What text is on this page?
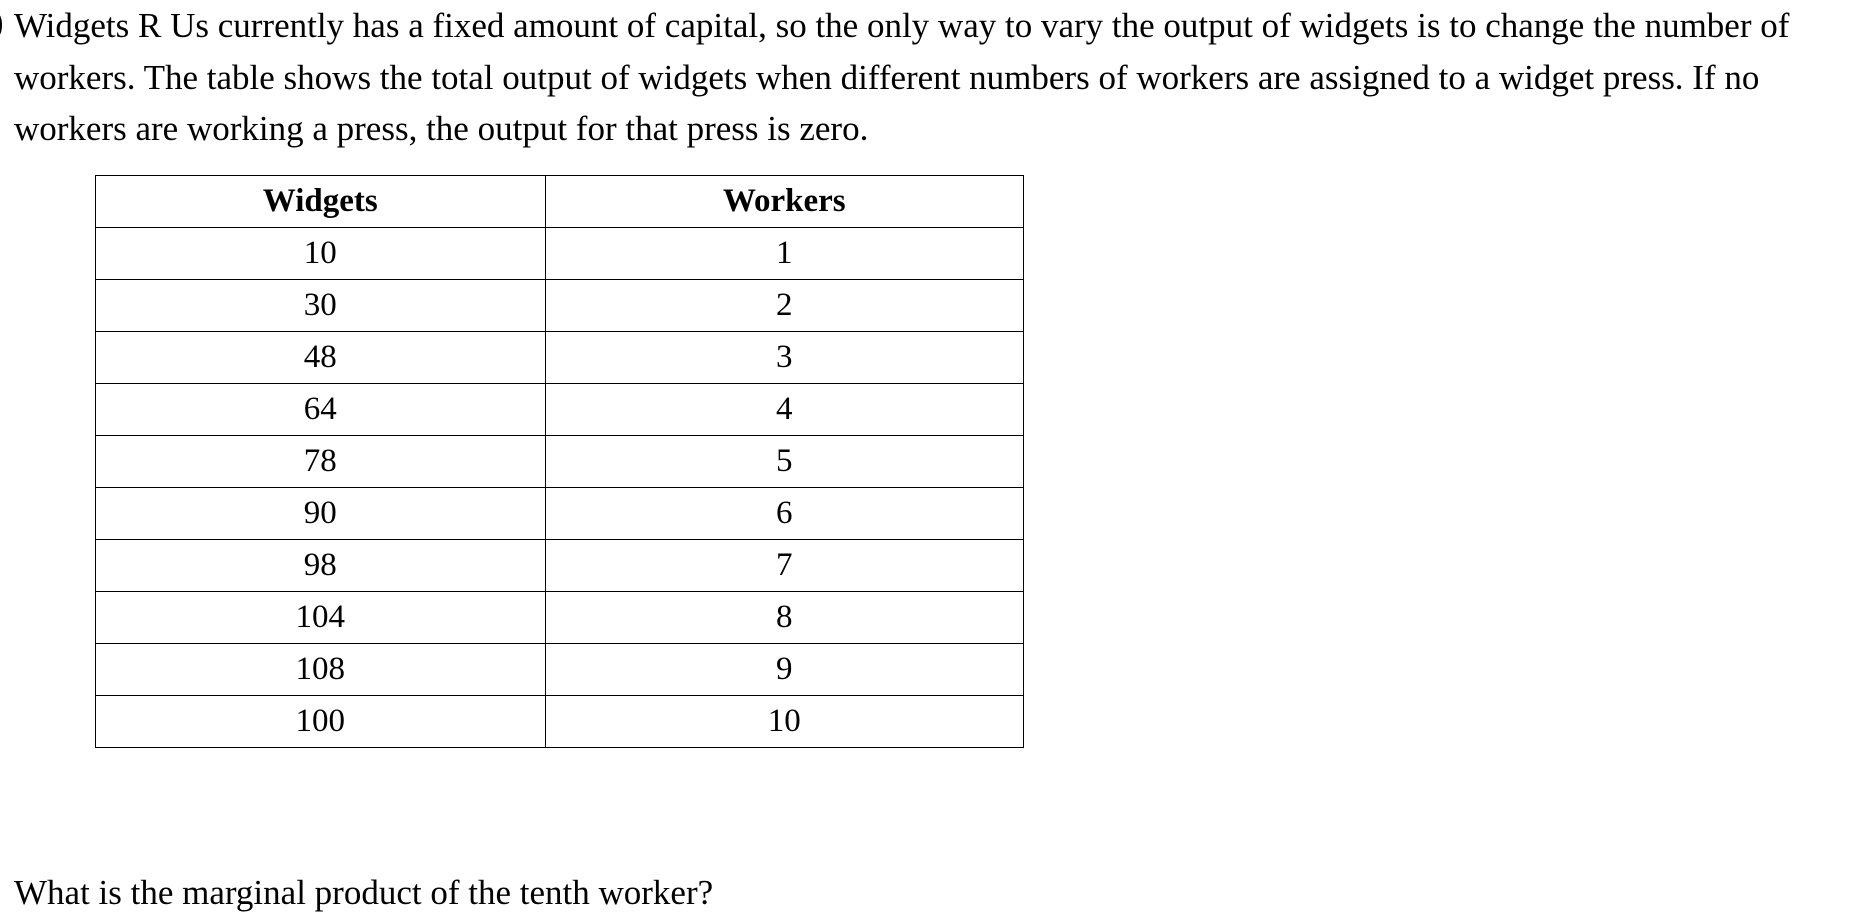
Widgets R Us currently has a fixed amount of capital, so the only way to vary the output of widgets is to change the number of workers. The table shows the total output of widgets when different numbers of workers are assigned to a widget press. If no workers are working a press, the output for that press is zero.

Widgets	Workers
10	1
30	2
48	3
64	4
78	5
90	6
98	7
104	8
108	9
100	10

What is the marginal product of the tenth worker?
